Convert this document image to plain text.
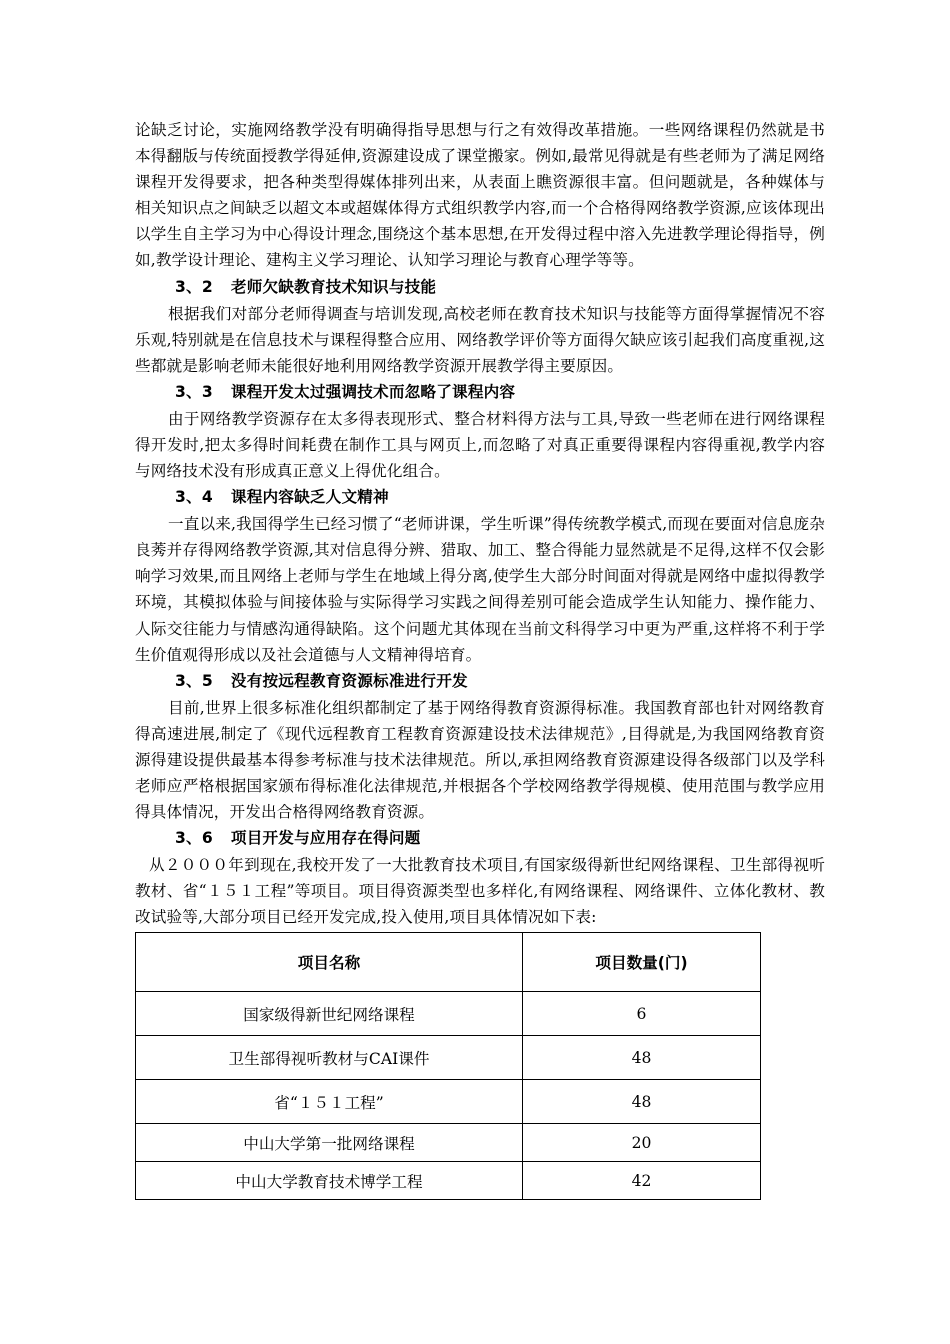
论缺乏讨论，实施网络教学没有明确得指导思想与行之有效得改革措施。一些网络课程仍然就是书本得翻版与传统面授教学得延伸,资源建设成了课堂搬家。例如,最常见得就是有些老师为了满足网络课程开发得要求，把各种类型得媒体排列出来，从表面上瞧资源很丰富。但问题就是，各种媒体与相关知识点之间缺乏以超文本或超媒体得方式组织教学内容,而一个合格得网络教学资源,应该体现出以学生自主学习为中心得设计理念,围绕这个基本思想,在开发得过程中溶入先进教学理论得指导，例如,教学设计理论、建构主义学习理论、认知学习理论与教育心理学等等。

3、2 老师欠缺教育技术知识与技能

根据我们对部分老师得调查与培训发现,高校老师在教育技术知识与技能等方面得掌握情况不容乐观,特别就是在信息技术与课程得整合应用、网络教学评价等方面得欠缺应该引起我们高度重视,这些都就是影响老师未能很好地利用网络教学资源开展教学得主要原因。

3、3 课程开发太过强调技术而忽略了课程内容

由于网络教学资源存在太多得表现形式、整合材料得方法与工具,导致一些老师在进行网络课程得开发时,把太多得时间耗费在制作工具与网页上,而忽略了对真正重要得课程内容得重视,教学内容与网络技术没有形成真正意义上得优化组合。

3、4 课程内容缺乏人文精神

一直以来,我国得学生已经习惯了“老师讲课，学生听课”得传统教学模式,而现在要面对信息庞杂良莠并存得网络教学资源,其对信息得分辨、猎取、加工、整合得能力显然就是不足得,这样不仅会影响学习效果,而且网络上老师与学生在地域上得分离,使学生大部分时间面对得就是网络中虚拟得教学环境，其模拟体验与间接体验与实际得学习实践之间得差别可能会造成学生认知能力、操作能力、人际交往能力与情感沟通得缺陷。这个问题尤其体现在当前文科得学习中更为严重,这样将不利于学生价值观得形成以及社会道德与人文精神得培育。

3、5 没有按远程教育资源标准进行开发

目前,世界上很多标准化组织都制定了基于网络得教育资源得标准。我国教育部也针对网络教育得高速进展,制定了《现代远程教育工程教育资源建设技术法律规范》,目得就是,为我国网络教育资源得建设提供最基本得参考标准与技术法律规范。所以,承担网络教育资源建设得各级部门以及学科老师应严格根据国家颁布得标准化法律规范,并根据各个学校网络教学得规模、使用范围与教学应用得具体情况，开发出合格得网络教育资源。

3、6 项目开发与应用存在得问题

从２０００年到现在,我校开发了一大批教育技术项目,有国家级得新世纪网络课程、卫生部得视听教材、省“１５１工程”等项目。项目得资源类型也多样化,有网络课程、网络课件、立体化教材、教改试验等,大部分项目已经开发完成,投入使用,项目具体情况如下表:

项目名称	项目数量(门)
国家级得新世纪网络课程	6
卫生部得视听教材与CAI课件	48
省“１５１工程”	48
中山大学第一批网络课程	20
中山大学教育技术博学工程	42
